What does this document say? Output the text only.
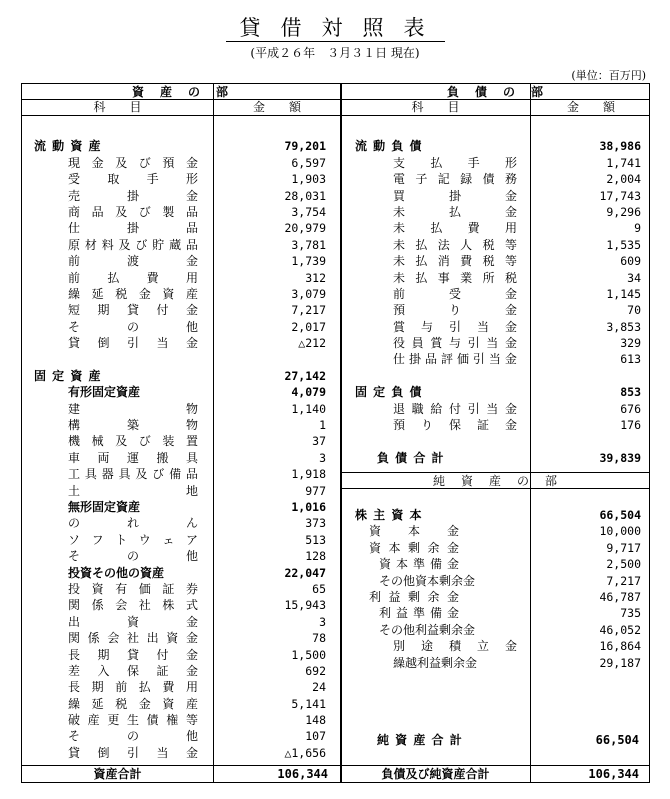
貸借対照表
(平成２６年　３月３１日 現在)
(単位：百万円)
資　産　の　部	負　債　の　部
科　　目	金　　額	科　　目	金　　額
流 動 資 産	79,201
現 金 及 び 預 金	6,597
受 取 手 形	1,903
売	掛	金	28,031
商 品 及 び 製 品	3,754
仕	掛	品	20,979
原 材 料 及 び 貯 蔵 品	3,781
前	渡	金	1,739
前 払 費 用	312
繰 延 税 金 資 産	3,079
短 期 貸 付 金	7,217
そ	の	他	2,017
貸 倒 引 当 金	△212
固 定 資 産	27,142
有形固定資産	4,079
建	物	1,140
構	築	物	1
機 械 及 び 装 置	37
車 両 運 搬 具	3
工 具 器 具 及 び 備 品	1,918
土	地	977
無形固定資産	1,016
の	れ	ん	373
ソ フ ト ウ ェ ア	513
そ	の	他	128
投資その他の資産	22,047
投 資 有 価 証 券	65
関 係 会 社 株 式	15,943
出	資	金	3
関 係 会 社 出 資 金	78
長 期 貸 付 金	1,500
差 入 保 証 金	692
長 期 前 払 費 用	24
繰 延 税 金 資 産	5,141
破 産 更 生 債 権 等	148
そ	の	他	107
貸 倒 引 当 金	△1,656
流 動 負 債	38,986
支 払 手 形	1,741
電 子 記 録 債 務	2,004
買	掛	金	17,743
未	払	金	9,296
未 払 費 用	9
未 払 法 人 税 等	1,535
未 払 消 費 税 等	609
未 払 事 業 所 税	34
前	受	金	1,145
預	り	金	70
賞 与 引 当 金	3,853
役 員 賞 与 引 当 金	329
仕 掛 品 評 価 引 当 金	613
固 定 負 債	853
退 職 給 付 引 当 金	676
預 り 保 証 金	176
負 債 合 計	39,839
純　資　産　の　部
株 主 資 本	66,504
資 本 金	10,000
資 本 剰 余 金	9,717
資 本 準 備 金	2,500
その他資本剰余金	7,217
利 益 剰 余 金	46,787
利 益 準 備 金	735
その他利益剰余金	46,052
別 途 積 立 金	16,864
繰越利益剰余金	29,187
純 資 産 合 計	66,504
資産合計	106,344	負債及び純資産合計	106,344
